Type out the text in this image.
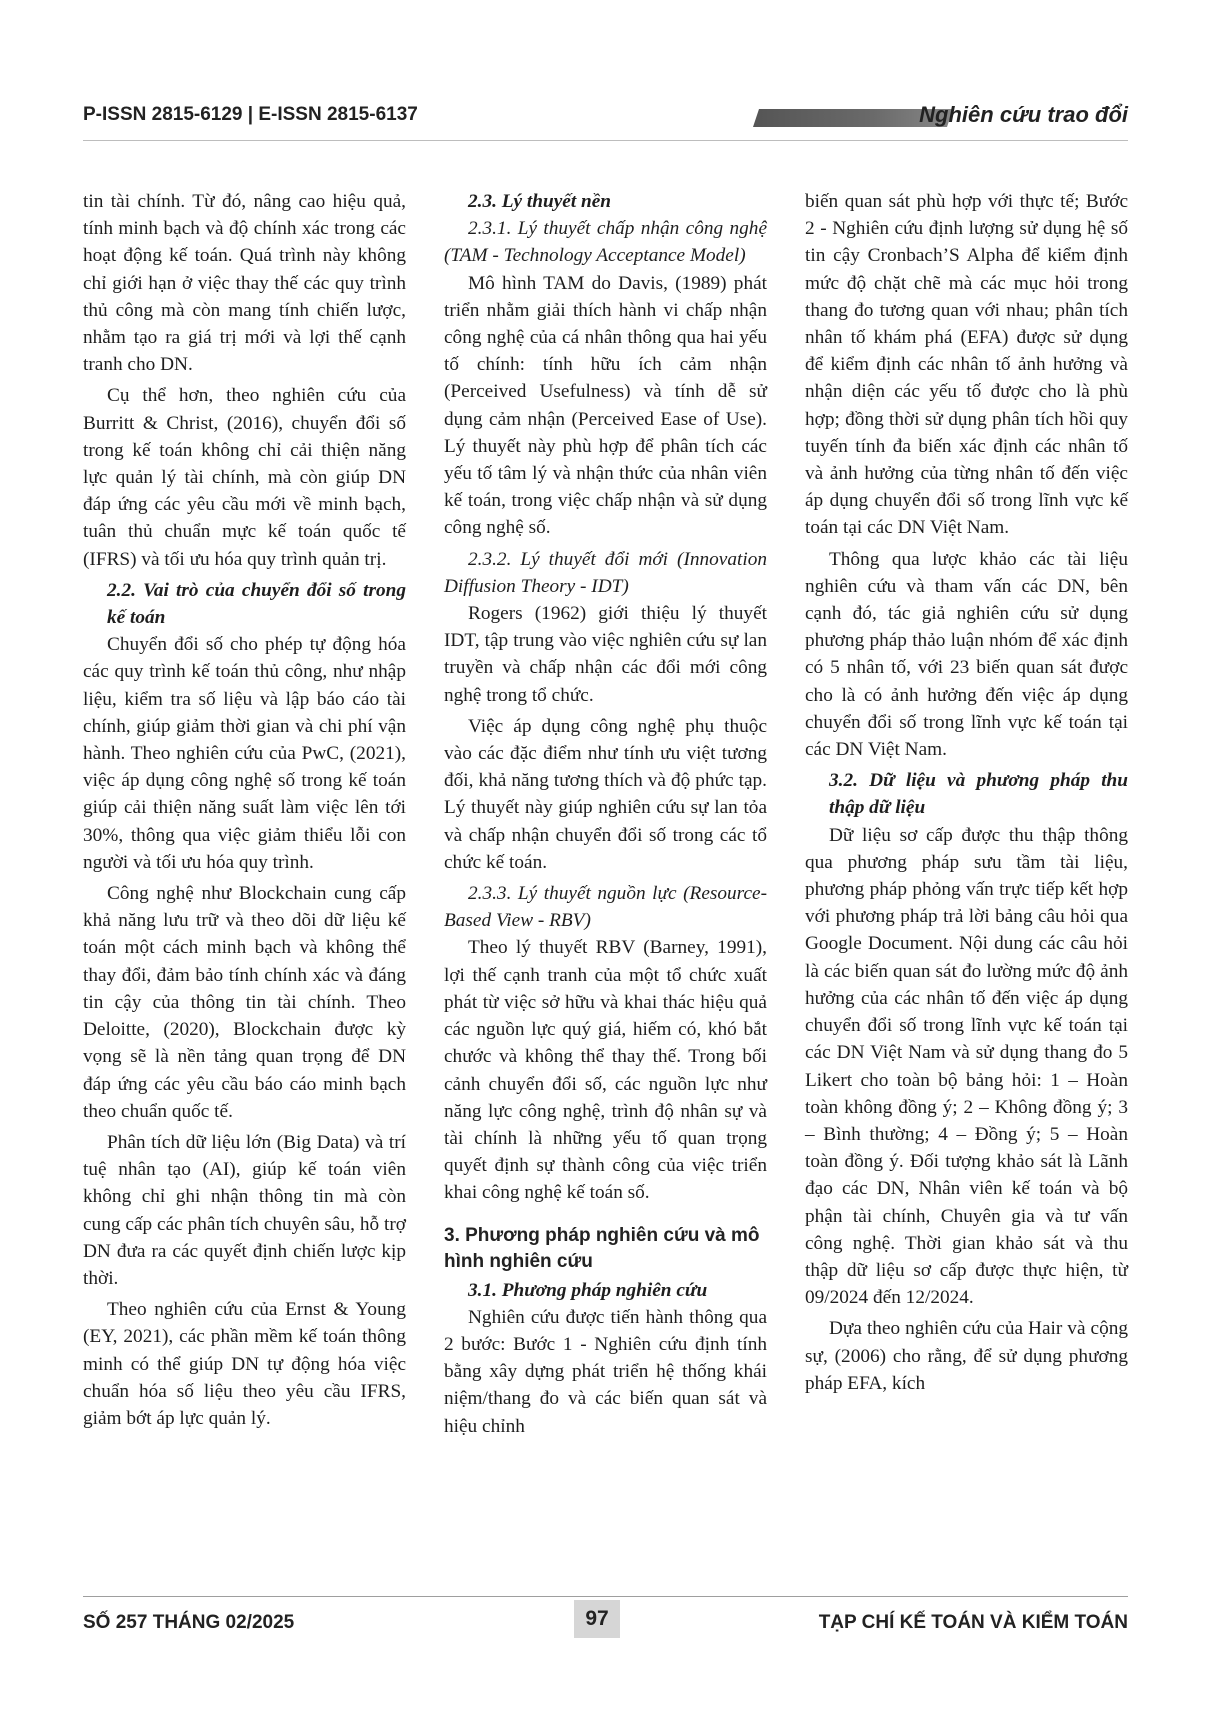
P-ISSN 2815-6129 | E-ISSN 2815-6137	Nghiên cứu trao đổi

tin tài chính. Từ đó, nâng cao hiệu quả, tính minh bạch và độ chính xác trong các hoạt động kế toán. Quá trình này không chỉ giới hạn ở việc thay thế các quy trình thủ công mà còn mang tính chiến lược, nhằm tạo ra giá trị mới và lợi thế cạnh tranh cho DN.

Cụ thể hơn, theo nghiên cứu của Burritt & Christ, (2016), chuyển đổi số trong kế toán không chỉ cải thiện năng lực quản lý tài chính, mà còn giúp DN đáp ứng các yêu cầu mới về minh bạch, tuân thủ chuẩn mực kế toán quốc tế (IFRS) và tối ưu hóa quy trình quản trị.

2.2. Vai trò của chuyển đổi số trong kế toán

Chuyển đổi số cho phép tự động hóa các quy trình kế toán thủ công, như nhập liệu, kiểm tra số liệu và lập báo cáo tài chính, giúp giảm thời gian và chi phí vận hành. Theo nghiên cứu của PwC, (2021), việc áp dụng công nghệ số trong kế toán giúp cải thiện năng suất làm việc lên tới 30%, thông qua việc giảm thiểu lỗi con người và tối ưu hóa quy trình.

Công nghệ như Blockchain cung cấp khả năng lưu trữ và theo dõi dữ liệu kế toán một cách minh bạch và không thể thay đổi, đảm bảo tính chính xác và đáng tin cậy của thông tin tài chính. Theo Deloitte, (2020), Blockchain được kỳ vọng sẽ là nền tảng quan trọng để DN đáp ứng các yêu cầu báo cáo minh bạch theo chuẩn quốc tế.

Phân tích dữ liệu lớn (Big Data) và trí tuệ nhân tạo (AI), giúp kế toán viên không chỉ ghi nhận thông tin mà còn cung cấp các phân tích chuyên sâu, hỗ trợ DN đưa ra các quyết định chiến lược kịp thời.

Theo nghiên cứu của Ernst & Young (EY, 2021), các phần mềm kế toán thông minh có thể giúp DN tự động hóa việc chuẩn hóa số liệu theo yêu cầu IFRS, giảm bớt áp lực quản lý.

2.3. Lý thuyết nền
2.3.1. Lý thuyết chấp nhận công nghệ (TAM - Technology Acceptance Model)

Mô hình TAM do Davis, (1989) phát triển nhằm giải thích hành vi chấp nhận công nghệ của cá nhân thông qua hai yếu tố chính: tính hữu ích cảm nhận (Perceived Usefulness) và tính dễ sử dụng cảm nhận (Perceived Ease of Use). Lý thuyết này phù hợp để phân tích các yếu tố tâm lý và nhận thức của nhân viên kế toán, trong việc chấp nhận và sử dụng công nghệ số.

2.3.2. Lý thuyết đổi mới (Innovation Diffusion Theory - IDT)

Rogers (1962) giới thiệu lý thuyết IDT, tập trung vào việc nghiên cứu sự lan truyền và chấp nhận các đổi mới công nghệ trong tổ chức.

Việc áp dụng công nghệ phụ thuộc vào các đặc điểm như tính ưu việt tương đối, khả năng tương thích và độ phức tạp. Lý thuyết này giúp nghiên cứu sự lan tỏa và chấp nhận chuyển đổi số trong các tổ chức kế toán.

2.3.3. Lý thuyết nguồn lực (Resource-Based View - RBV)

Theo lý thuyết RBV (Barney, 1991), lợi thế cạnh tranh của một tổ chức xuất phát từ việc sở hữu và khai thác hiệu quả các nguồn lực quý giá, hiếm có, khó bắt chước và không thể thay thế. Trong bối cảnh chuyển đổi số, các nguồn lực như năng lực công nghệ, trình độ nhân sự và tài chính là những yếu tố quan trọng quyết định sự thành công của việc triển khai công nghệ kế toán số.

3. Phương pháp nghiên cứu và mô hình nghiên cứu
3.1. Phương pháp nghiên cứu

Nghiên cứu được tiến hành thông qua 2 bước: Bước 1 - Nghiên cứu định tính bằng xây dựng phát triển hệ thống khái niệm/thang đo và các biến quan sát và hiệu chỉnh

biến quan sát phù hợp với thực tế; Bước 2 - Nghiên cứu định lượng sử dụng hệ số tin cậy Cronbach’S Alpha để kiểm định mức độ chặt chẽ mà các mục hỏi trong thang đo tương quan với nhau; phân tích nhân tố khám phá (EFA) được sử dụng để kiểm định các nhân tố ảnh hưởng và nhận diện các yếu tố được cho là phù hợp; đồng thời sử dụng phân tích hồi quy tuyến tính đa biến xác định các nhân tố và ảnh hưởng của từng nhân tố đến việc áp dụng chuyển đổi số trong lĩnh vực kế toán tại các DN Việt Nam.

Thông qua lược khảo các tài liệu nghiên cứu và tham vấn các DN, bên cạnh đó, tác giả nghiên cứu sử dụng phương pháp thảo luận nhóm để xác định có 5 nhân tố, với 23 biến quan sát được cho là có ảnh hưởng đến việc áp dụng chuyển đổi số trong lĩnh vực kế toán tại các DN Việt Nam.

3.2. Dữ liệu và phương pháp thu thập dữ liệu

Dữ liệu sơ cấp được thu thập thông qua phương pháp sưu tầm tài liệu, phương pháp phỏng vấn trực tiếp kết hợp với phương pháp trả lời bảng câu hỏi qua Google Document. Nội dung các câu hỏi là các biến quan sát đo lường mức độ ảnh hưởng của các nhân tố đến việc áp dụng chuyển đổi số trong lĩnh vực kế toán tại các DN Việt Nam và sử dụng thang đo 5 Likert cho toàn bộ bảng hỏi: 1 – Hoàn toàn không đồng ý; 2 – Không đồng ý; 3 – Bình thường; 4 – Đồng ý; 5 – Hoàn toàn đồng ý. Đối tượng khảo sát là Lãnh đạo các DN, Nhân viên kế toán và bộ phận tài chính, Chuyên gia và tư vấn công nghệ. Thời gian khảo sát và thu thập dữ liệu sơ cấp được thực hiện, từ 09/2024 đến 12/2024.

Dựa theo nghiên cứu của Hair và cộng sự, (2006) cho rằng, để sử dụng phương pháp EFA, kích

SỐ 257 THÁNG 02/2025	97	TẠP CHÍ KẾ TOÁN VÀ KIỂM TOÁN
